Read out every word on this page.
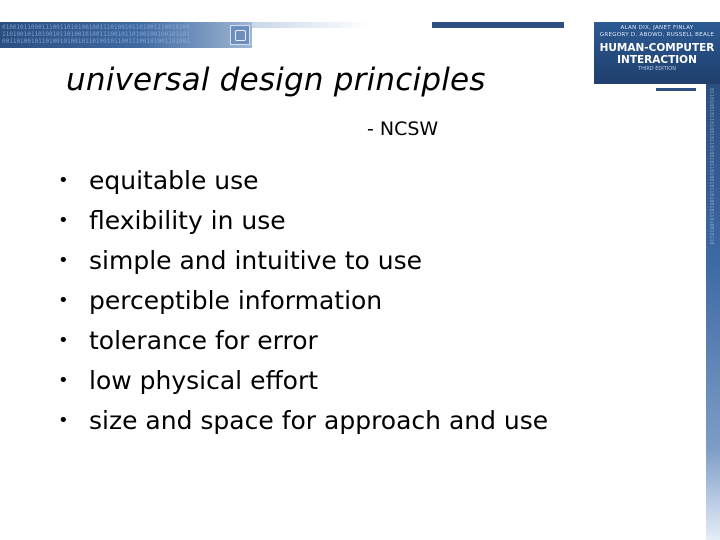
0100101100011100110101001001110100101101001110010100
1101001011010010110100101001110010110100100100101101
0011010010110100101001011010010110011100101001101001
ALAN DIX, JANET FINLAY
GREGORY D. ABOWD, RUSSELL BEALE
HUMAN-COMPUTER
INTERACTION
THIRD EDITION
0110100101101001011010010110100101101001011010010110
universal design principles
- NCSW
• equitable use
• flexibility in use
• simple and intuitive to use
• perceptible information
• tolerance for error
• low physical effort
• size and space for approach and use
